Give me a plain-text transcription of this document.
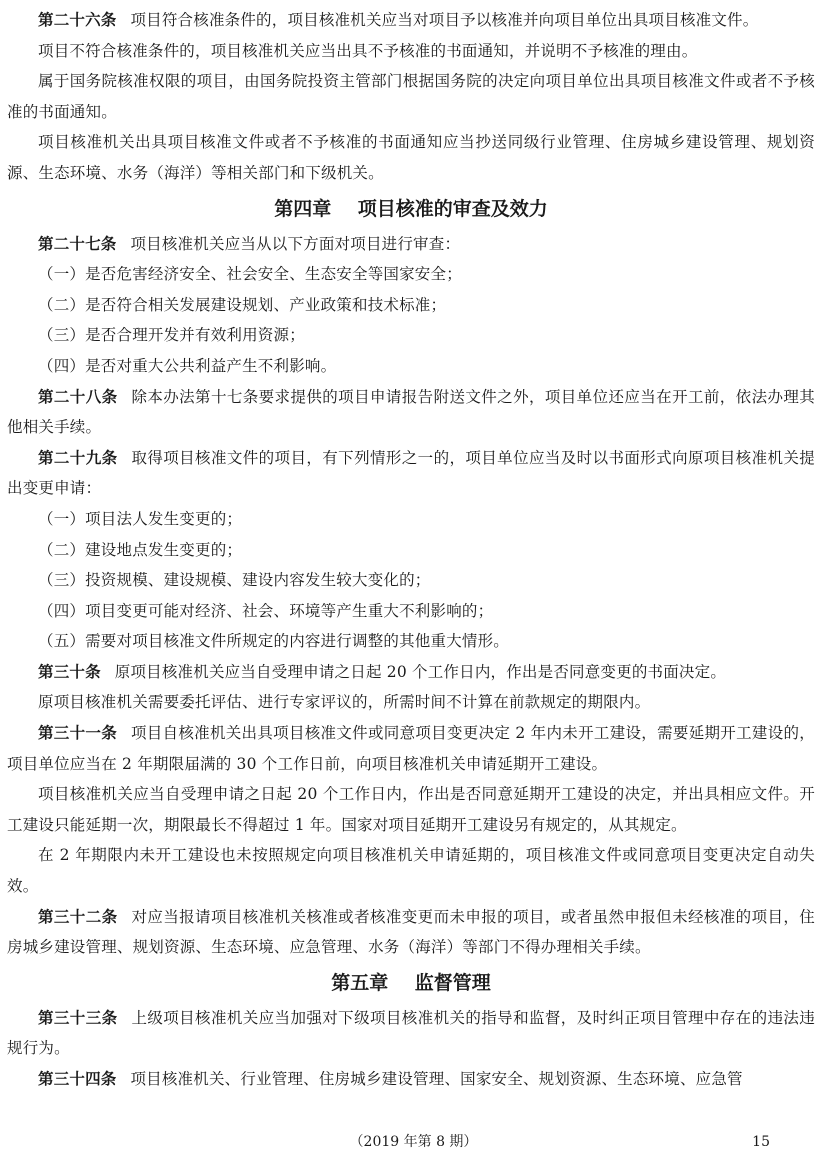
第二十六条 项目符合核准条件的，项目核准机关应当对项目予以核准并向项目单位出具项目核准文件。

项目不符合核准条件的，项目核准机关应当出具不予核准的书面通知，并说明不予核准的理由。

属于国务院核准权限的项目，由国务院投资主管部门根据国务院的决定向项目单位出具项目核准文件或者不予核准的书面通知。

项目核准机关出具项目核准文件或者不予核准的书面通知应当抄送同级行业管理、住房城乡建设管理、规划资源、生态环境、水务（海洋）等相关部门和下级机关。

第四章 项目核准的审查及效力

第二十七条 项目核准机关应当从以下方面对项目进行审查：

（一）是否危害经济安全、社会安全、生态安全等国家安全；

（二）是否符合相关发展建设规划、产业政策和技术标准；

（三）是否合理开发并有效利用资源；

（四）是否对重大公共利益产生不利影响。

第二十八条 除本办法第十七条要求提供的项目申请报告附送文件之外，项目单位还应当在开工前，依法办理其他相关手续。

第二十九条 取得项目核准文件的项目，有下列情形之一的，项目单位应当及时以书面形式向原项目核准机关提出变更申请：

（一）项目法人发生变更的；

（二）建设地点发生变更的；

（三）投资规模、建设规模、建设内容发生较大变化的；

（四）项目变更可能对经济、社会、环境等产生重大不利影响的；

（五）需要对项目核准文件所规定的内容进行调整的其他重大情形。

第三十条 原项目核准机关应当自受理申请之日起 20 个工作日内，作出是否同意变更的书面决定。

原项目核准机关需要委托评估、进行专家评议的，所需时间不计算在前款规定的期限内。

第三十一条 项目自核准机关出具项目核准文件或同意项目变更决定 2 年内未开工建设，需要延期开工建设的，项目单位应当在 2 年期限届满的 30 个工作日前，向项目核准机关申请延期开工建设。

项目核准机关应当自受理申请之日起 20 个工作日内，作出是否同意延期开工建设的决定，并出具相应文件。开工建设只能延期一次，期限最长不得超过 1 年。国家对项目延期开工建设另有规定的，从其规定。

在 2 年期限内未开工建设也未按照规定向项目核准机关申请延期的，项目核准文件或同意项目变更决定自动失效。

第三十二条 对应当报请项目核准机关核准或者核准变更而未申报的项目，或者虽然申报但未经核准的项目，住房城乡建设管理、规划资源、生态环境、应急管理、水务（海洋）等部门不得办理相关手续。

第五章 监督管理

第三十三条 上级项目核准机关应当加强对下级项目核准机关的指导和监督，及时纠正项目管理中存在的违法违规行为。

第三十四条 项目核准机关、行业管理、住房城乡建设管理、国家安全、规划资源、生态环境、应急管

（2019 年第 8 期）	15
